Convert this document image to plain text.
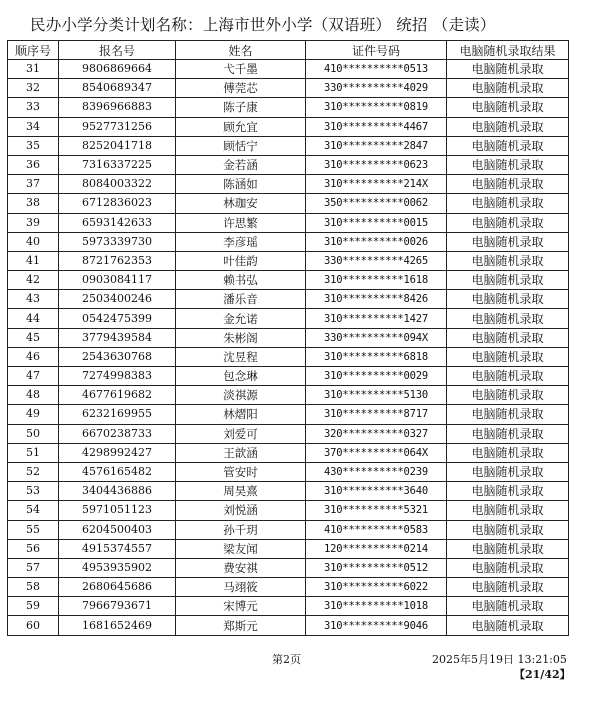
民办小学分类计划名称：上海市世外小学（双语班） 统招 （走读）
顺序号	报名号	姓名	证件号码	电脑随机录取结果
31	9806869664	弋千墨	410**********0513	电脑随机录取
32	8540689347	傅莞芯	330**********4029	电脑随机录取
33	8396966883	陈子康	310**********0819	电脑随机录取
34	9527731256	顾允宜	310**********4467	电脑随机录取
35	8252041718	顾恬宁	310**********2847	电脑随机录取
36	7316337225	金若涵	310**********0623	电脑随机录取
37	8084003322	陈涵如	310**********214X	电脑随机录取
38	6712836023	林珈安	350**********0062	电脑随机录取
39	6593142633	许思繁	310**********0015	电脑随机录取
40	5973339730	李彦瑶	310**********0026	电脑随机录取
41	8721762353	叶佳韵	330**********4265	电脑随机录取
42	0903084117	赖书弘	310**********1618	电脑随机录取
43	2503400246	潘乐音	310**********8426	电脑随机录取
44	0542475399	金允诺	310**********1427	电脑随机录取
45	3779439584	朱彬阁	330**********094X	电脑随机录取
46	2543630768	沈昱程	310**********6818	电脑随机录取
47	7274998383	包念琳	310**********0029	电脑随机录取
48	4677619682	淡祺源	310**********5130	电脑随机录取
49	6232169955	林熠阳	310**********8717	电脑随机录取
50	6670238733	刘爱可	320**********0327	电脑随机录取
51	4298992427	王歆涵	370**********064X	电脑随机录取
52	4576165482	管安时	430**********0239	电脑随机录取
53	3404436886	周昊熹	310**********3640	电脑随机录取
54	5971051123	刘悦涵	310**********5321	电脑随机录取
55	6204500403	孙千玥	410**********0583	电脑随机录取
56	4915374557	梁友闻	120**********0214	电脑随机录取
57	4953935902	费安祺	310**********0512	电脑随机录取
58	2680645686	马翊筱	310**********6022	电脑随机录取
59	7966793671	宋博元	310**********1018	电脑随机录取
60	1681652469	郑斯元	310**********9046	电脑随机录取
第2页	2025年5月19日 13:21:05
【21/42】
